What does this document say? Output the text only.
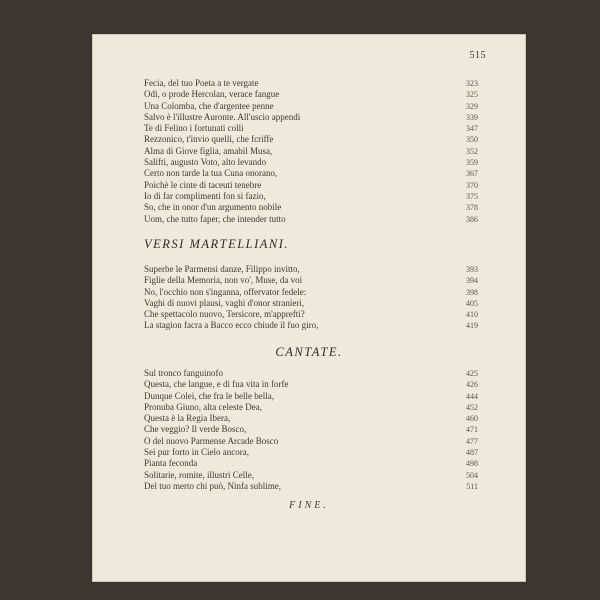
515
Fecia, del tuo Poeta a te vergate	323
Odi, o prode Hercolan, verace fangue	325
Una Colomba, che d'argentee penne	329
Salvo è l'illustre Auronte. All'uscio appendi	339
Te di Felino i fortunati colli	347
Rezzonico, t'invio quelli, che fcriffe	350
Alma di Giove figlia, amabil Musa,	352
Salifti, augusto Voto, alto levando	359
Certo non tarde la tua Cuna onorano,	367
Poichè le cinte di taceuti tenebre	370
Io di far complimenti fon si fazio,	375
So, che in onor d'un argumento nobile	378
Uom, che tutto faper, che intender tutto	386
VERSI MARTELLIANI.
Superbe le Parmensi danze, Filippo invitto,	393
Figlie della Memoria, non vo', Muse, da voi	394
No, l'occhio non s'inganna, offervator fedele:	398
Vaghi di nuovi plausi, vaghi d'onor stranieri,	405
Che spettacolo nuovo, Tersicore, m'apprefti?	410
La stagion facra a Bacco ecco chiude il fuo giro,	419
CANTATE.
Sul tronco fanguinofo	425
Questa, che langue, e di fua vita in forfe	426
Dunque Colei, che fra le belle bella,	444
Pronuba Giuno, alta celeste Dea,	452
Questa è la Regia Ibera,	460
Che veggio? Il verde Bosco,	471
O del nuovo Parmense Arcade Bosco	477
Sei pur forto in Cielo ancora,	487
Pianta feconda	498
Solitarie, romite, illustri Celle,	504
Del tuo merto chi può, Ninfa sublime,	511
FINE.
